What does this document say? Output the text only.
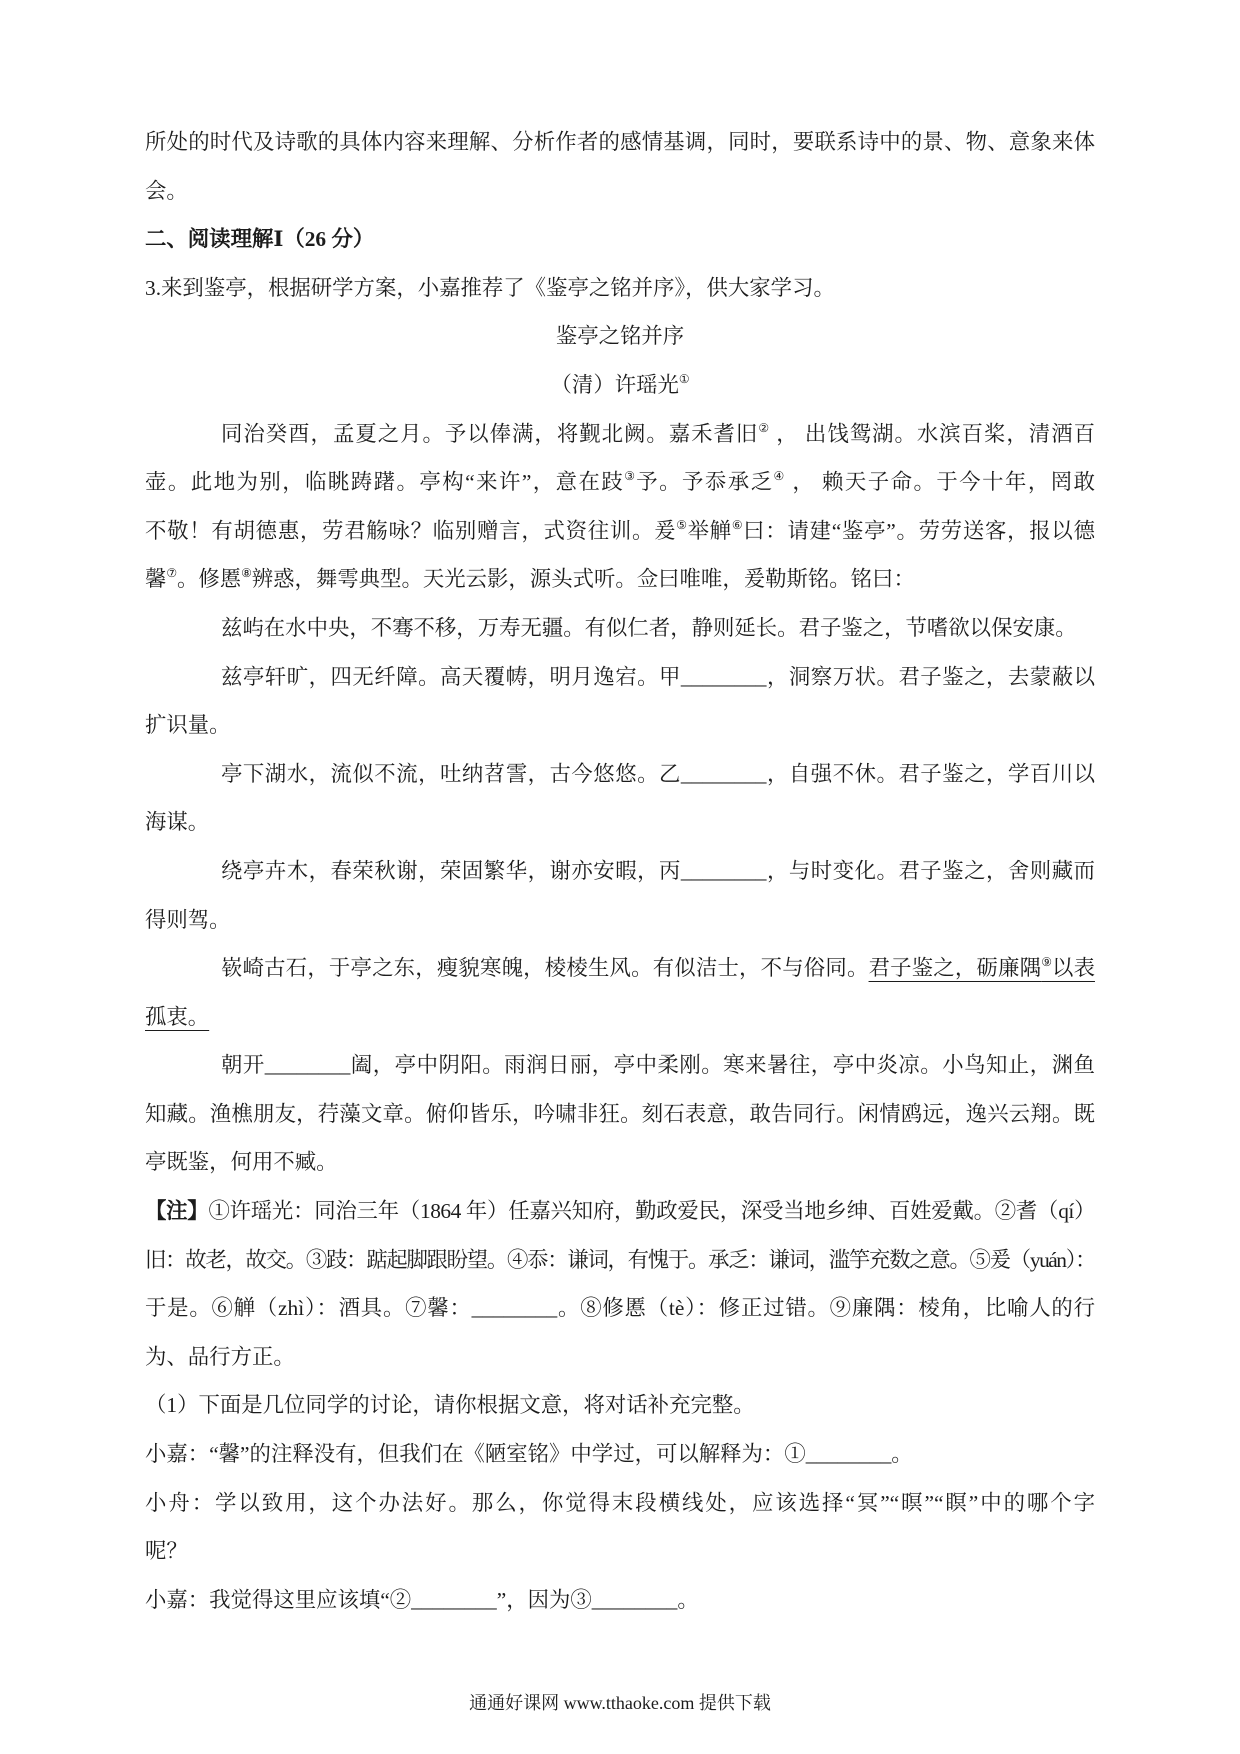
所处的时代及诗歌的具体内容来理解、分析作者的感情基调，同时，要联系诗中的景、物、意象来体
会。
二、阅读理解Ⅰ（26 分）
3.来到鉴亭，根据研学方案，小嘉推荐了《鉴亭之铭并序》，供大家学习。
鉴亭之铭并序
（清）许瑶光①
同治癸酉，孟夏之月。予以俸满，将觐北阙。嘉禾耆旧② ， 出饯鸳湖。水滨百桨，清酒百
壶。此地为别，临眺踌躇。亭构“来许”，意在跂③予。予忝承乏④ ， 赖天子命。于今十年，罔敢
不敬！有胡德惠，劳君觞咏？临别赠言，式资往训。爰⑤举觯⑥曰：请建“鉴亭”。劳劳送客，报以德
馨⑦。修慝⑧辨惑，舞雩典型。天光云影，源头式听。佥曰唯唯，爰勒斯铭。铭曰：
兹屿在水中央，不骞不移，万寿无疆。有似仁者，静则延长。君子鉴之，节嗜欲以保安康。
兹亭轩旷，四无纤障。高天覆帱，明月逸宕。甲________，洞察万状。君子鉴之，去蒙蔽以
扩识量。
亭下湖水，流似不流，吐纳苕霅，古今悠悠。乙________，自强不休。君子鉴之，学百川以
海谋。
绕亭卉木，春荣秋谢，荣固繁华，谢亦安暇，丙________，与时变化。君子鉴之，舍则藏而
得则驾。
嵚崎古石，于亭之东，瘦貌寒魄，棱棱生风。有似洁士，不与俗同。君子鉴之，砺廉隅⑨以表
孤衷。
朝开________阖，亭中阴阳。雨润日丽，亭中柔刚。寒来暑往，亭中炎凉。小鸟知止，渊鱼
知藏。渔樵朋友，荇藻文章。俯仰皆乐，吟啸非狂。刻石表意，敢告同行。闲情鸥远，逸兴云翔。既
亭既鉴，何用不臧。
【注】①许瑶光：同治三年（1864 年）任嘉兴知府，勤政爱民，深受当地乡绅、百姓爱戴。②耆（qí）
旧：故老，故交。③跂：踮起脚跟盼望。④忝：谦词，有愧于。承乏：谦词，滥竽充数之意。⑤爰（yuán）：
于是。⑥觯（zhì）：酒具。⑦馨：________。⑧修慝（tè）：修正过错。⑨廉隅：棱角，比喻人的行
为、品行方正。
（1）下面是几位同学的讨论，请你根据文意，将对话补充完整。
小嘉：“馨”的注释没有，但我们在《陋室铭》中学过，可以解释为：①________。
小舟：学以致用，这个办法好。那么，你觉得末段横线处，应该选择“冥”“暝”“瞑”中的哪个字
呢？
小嘉：我觉得这里应该填“②________”，因为③________。
通通好课网 www.tthaoke.com 提供下载
